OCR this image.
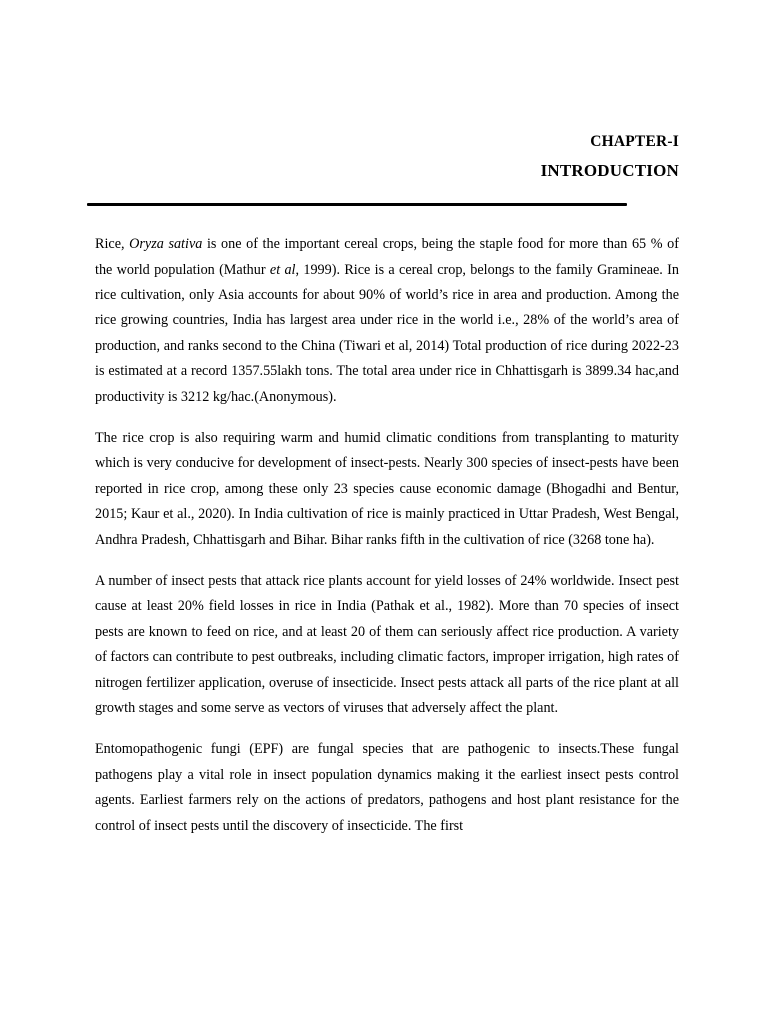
CHAPTER-I
INTRODUCTION

Rice, Oryza sativa is one of the important cereal crops, being the staple food for more than 65 % of the world population (Mathur et al, 1999). Rice is a cereal crop, belongs to the family Gramineae. In rice cultivation, only Asia accounts for about 90% of world’s rice in area and production. Among the rice growing countries, India has largest area under rice in the world i.e., 28% of the world’s area of production, and ranks second to the China (Tiwari et al, 2014) Total production of rice during 2022-23 is estimated at a record 1357.55lakh tons. The total area under rice in Chhattisgarh is 3899.34 hac,and productivity is 3212 kg/hac.(Anonymous).

The rice crop is also requiring warm and humid climatic conditions from transplanting to maturity which is very conducive for development of insect-pests. Nearly 300 species of insect-pests have been reported in rice crop, among these only 23 species cause economic damage (Bhogadhi and Bentur, 2015; Kaur et al., 2020). In India cultivation of rice is mainly practiced in Uttar Pradesh, West Bengal, Andhra Pradesh, Chhattisgarh and Bihar. Bihar ranks fifth in the cultivation of rice (3268 tone ha).

A number of insect pests that attack rice plants account for yield losses of 24% worldwide. Insect pest cause at least 20% field losses in rice in India (Pathak et al., 1982). More than 70 species of insect pests are known to feed on rice, and at least 20 of them can seriously affect rice production. A variety of factors can contribute to pest outbreaks, including climatic factors, improper irrigation, high rates of nitrogen fertilizer application, overuse of insecticide. Insect pests attack all parts of the rice plant at all growth stages and some serve as vectors of viruses that adversely affect the plant.

Entomopathogenic fungi (EPF) are fungal species that are pathogenic to insects.These fungal pathogens play a vital role in insect population dynamics making it the earliest insect pests control agents. Earliest farmers rely on the actions of predators, pathogens and host plant resistance for the control of insect pests until the discovery of insecticide. The first
